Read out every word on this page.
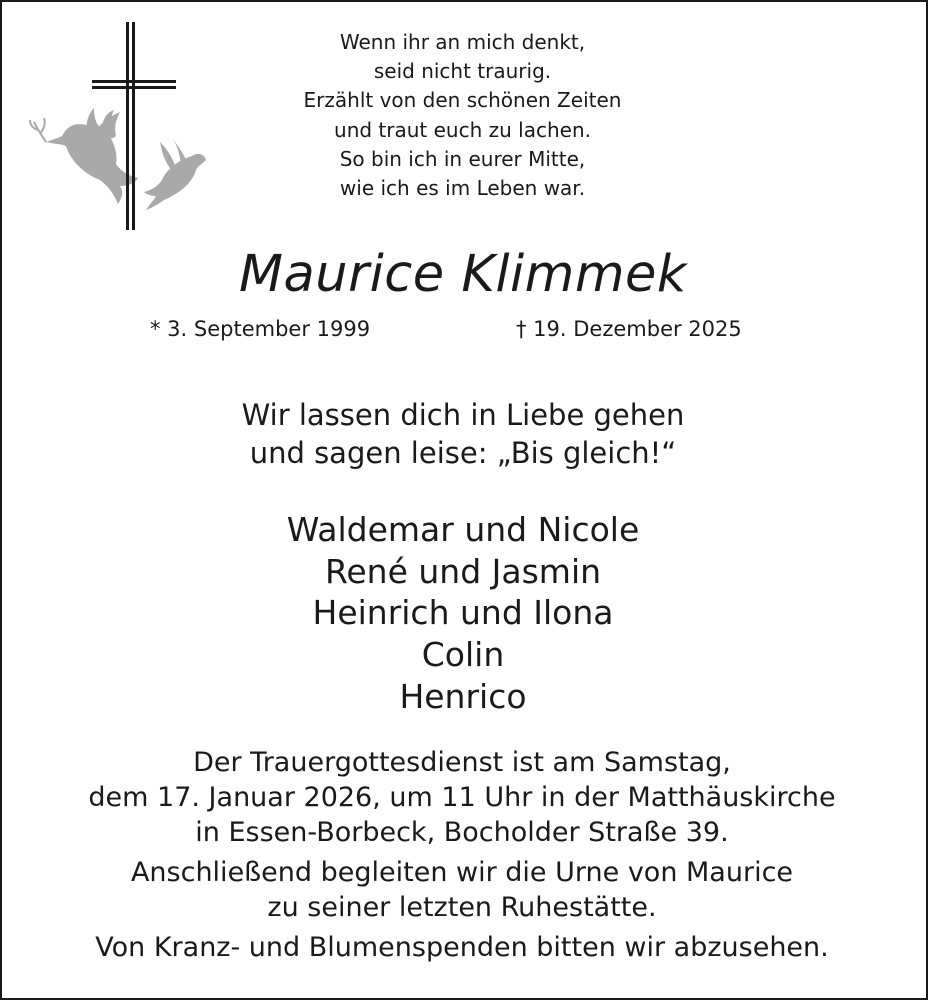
Wenn ihr an mich denkt,
seid nicht traurig.
Erzählt von den schönen Zeiten
und traut euch zu lachen.
So bin ich in eurer Mitte,
wie ich es im Leben war.
Maurice Klimmek
* 3. September 1999	† 19. Dezember 2025
Wir lassen dich in Liebe gehen
und sagen leise: „Bis gleich!“
Waldemar und Nicole
René und Jasmin
Heinrich und Ilona
Colin
Henrico
Der Trauergottesdienst ist am Samstag,
dem 17. Januar 2026, um 11 Uhr in der Matthäuskirche
in Essen-Borbeck, Bocholder Straße 39.
Anschließend begleiten wir die Urne von Maurice
zu seiner letzten Ruhestätte.
Von Kranz- und Blumenspenden bitten wir abzusehen.
